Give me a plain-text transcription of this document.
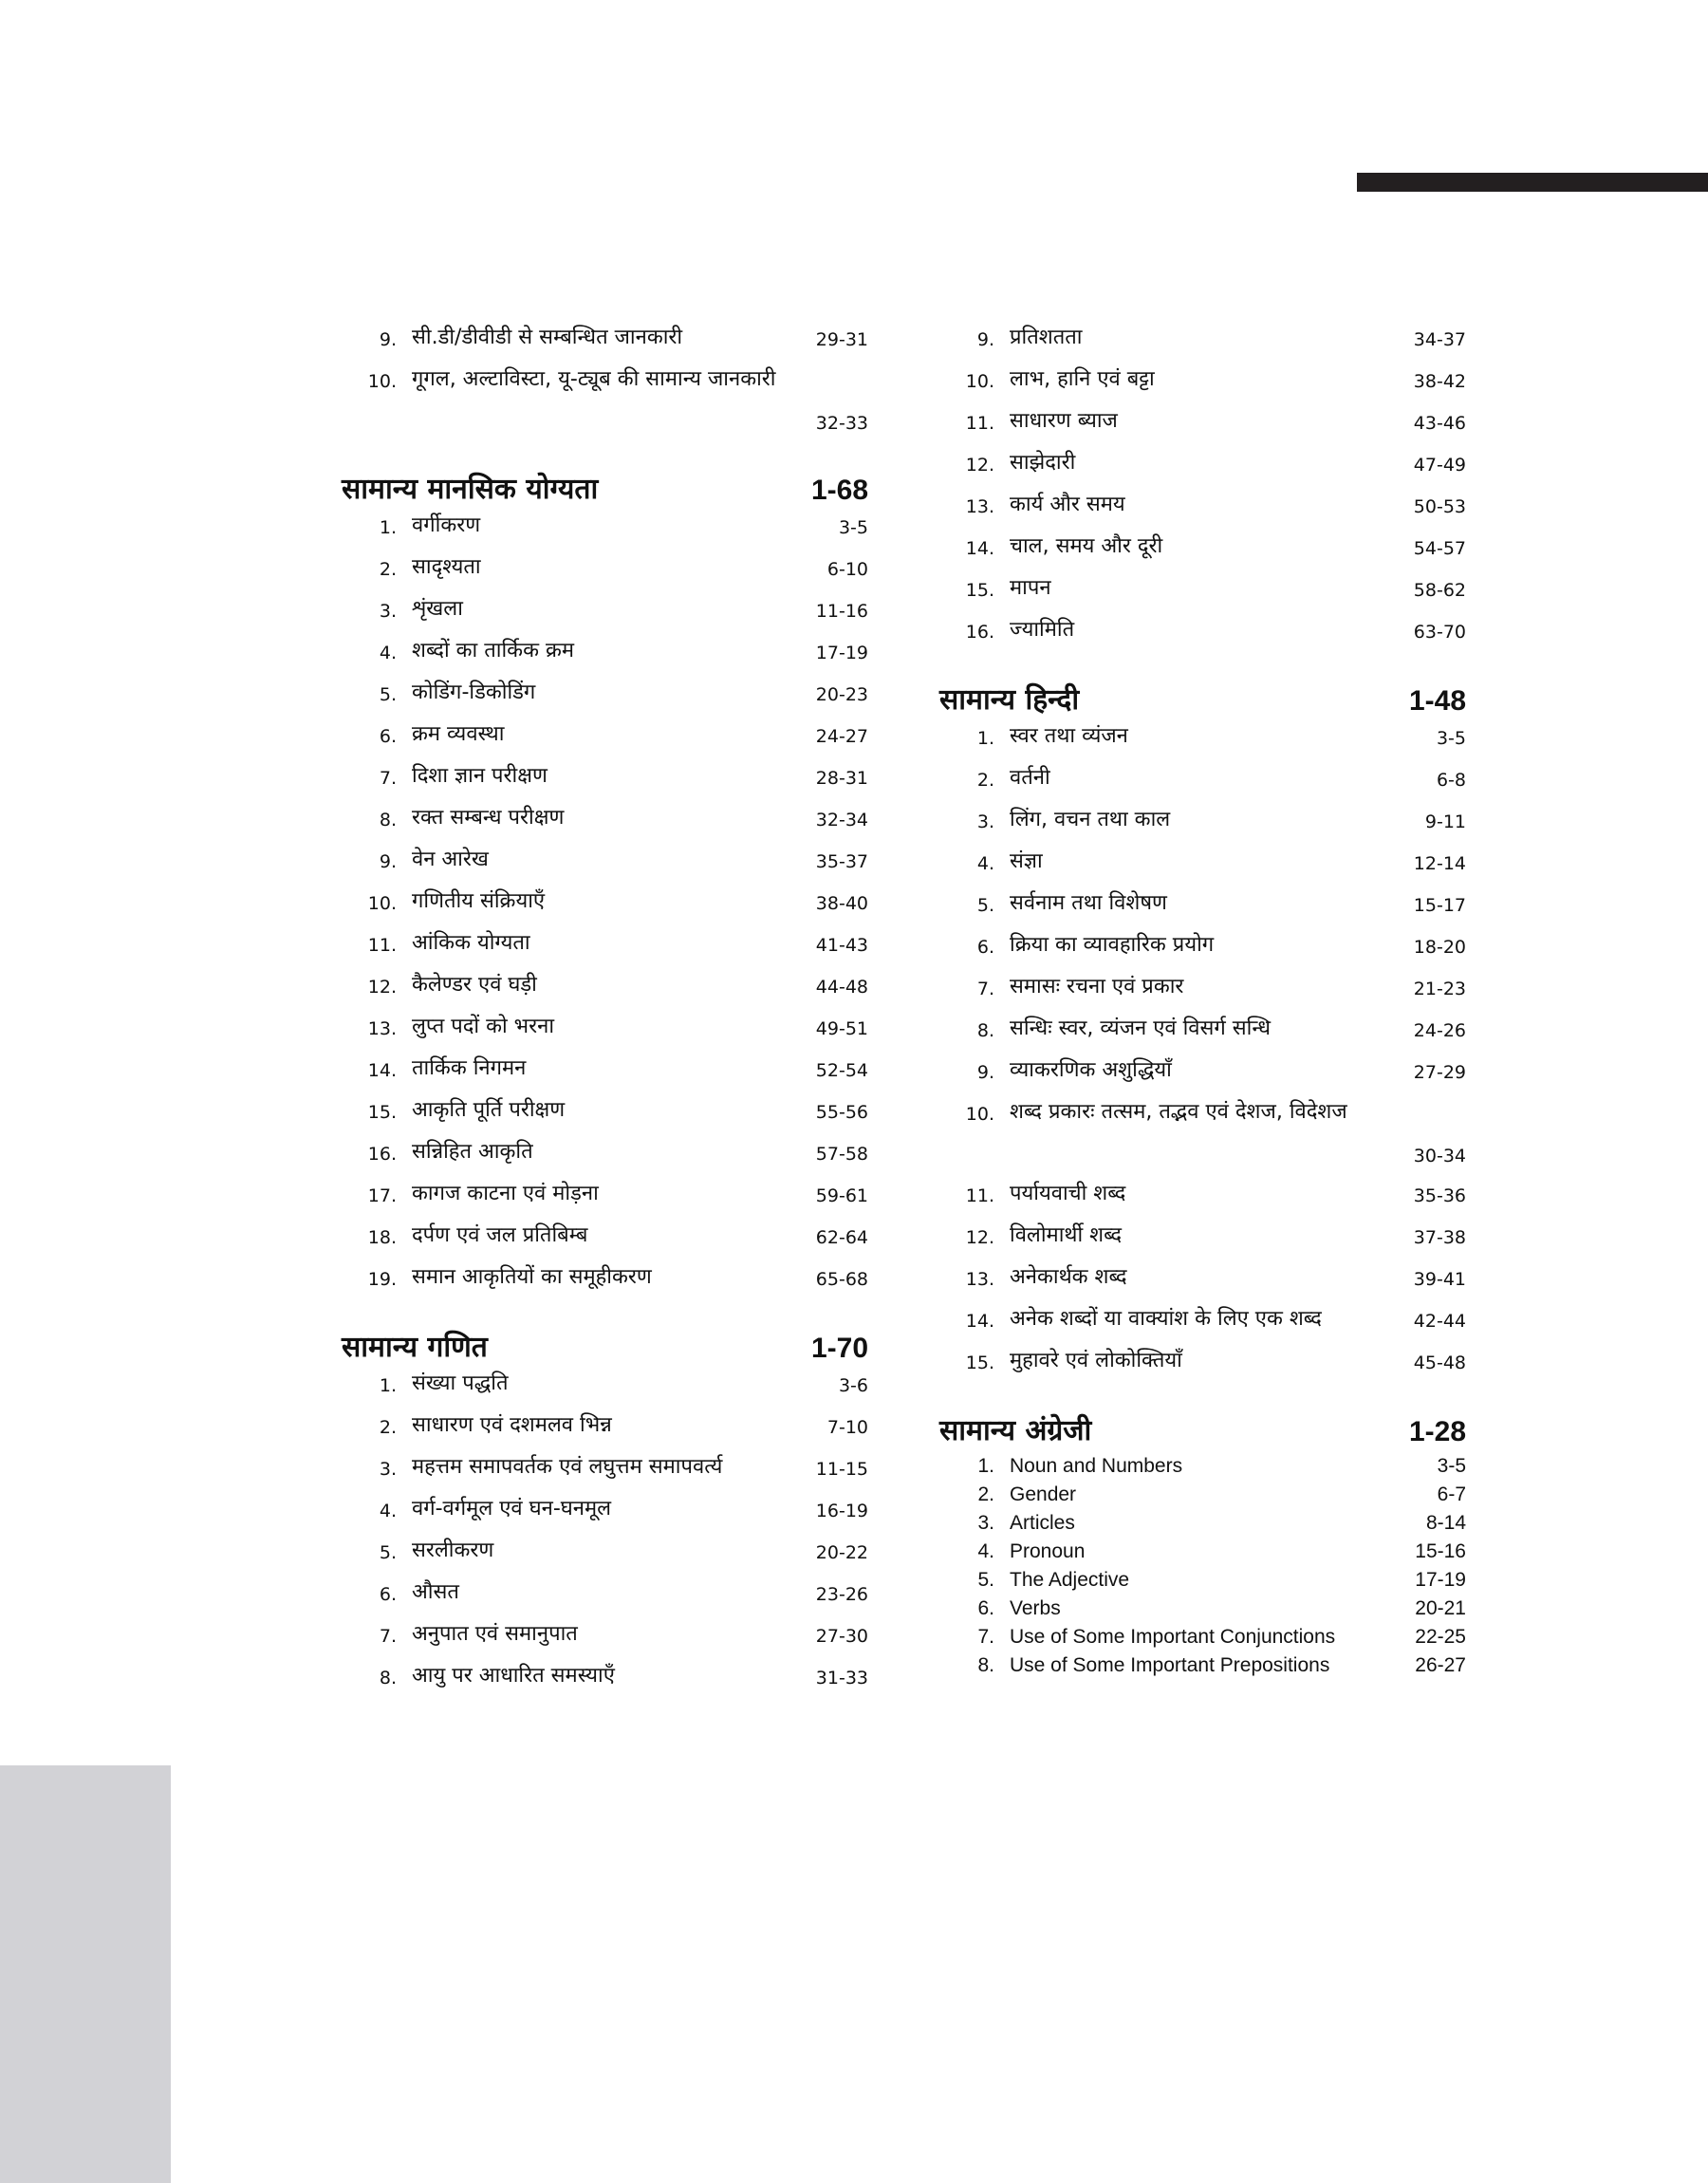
9. सी.डी/डीवीडी से सम्बन्धित जानकारी	29-31
10. गूगल, अल्टाविस्टा, यू-ट्यूब की सामान्य जानकारी
32-33
सामान्य मानसिक योग्यता	1-68
1. वर्गीकरण	3-5
2. सादृश्यता	6-10
3. शृंखला	11-16
4. शब्दों का तार्किक क्रम	17-19
5. कोडिंग-डिकोडिंग	20-23
6. क्रम व्यवस्था	24-27
7. दिशा ज्ञान परीक्षण	28-31
8. रक्त सम्बन्ध परीक्षण	32-34
9. वेन आरेख	35-37
10. गणितीय संक्रियाएँ	38-40
11. आंकिक योग्यता	41-43
12. कैलेण्डर एवं घड़ी	44-48
13. लुप्त पदों को भरना	49-51
14. तार्किक निगमन	52-54
15. आकृति पूर्ति परीक्षण	55-56
16. सन्निहित आकृति	57-58
17. कागज काटना एवं मोड़ना	59-61
18. दर्पण एवं जल प्रतिबिम्ब	62-64
19. समान आकृतियों का समूहीकरण	65-68
सामान्य गणित	1-70
1. संख्या पद्धति	3-6
2. साधारण एवं दशमलव भिन्न	7-10
3. महत्तम समापवर्तक एवं लघुत्तम समापवर्त्य	11-15
4. वर्ग-वर्गमूल एवं घन-घनमूल	16-19
5. सरलीकरण	20-22
6. औसत	23-26
7. अनुपात एवं समानुपात	27-30
8. आयु पर आधारित समस्याएँ	31-33
9. प्रतिशतता	34-37
10. लाभ, हानि एवं बट्टा	38-42
11. साधारण ब्याज	43-46
12. साझेदारी	47-49
13. कार्य और समय	50-53
14. चाल, समय और दूरी	54-57
15. मापन	58-62
16. ज्यामिति	63-70
सामान्य हिन्दी	1-48
1. स्वर तथा व्यंजन	3-5
2. वर्तनी	6-8
3. लिंग, वचन तथा काल	9-11
4. संज्ञा	12-14
5. सर्वनाम तथा विशेषण	15-17
6. क्रिया का व्यावहारिक प्रयोग	18-20
7. समासः रचना एवं प्रकार	21-23
8. सन्धिः स्वर, व्यंजन एवं विसर्ग सन्धि	24-26
9. व्याकरणिक अशुद्धियाँ	27-29
10. शब्द प्रकारः तत्सम, तद्भव एवं देशज, विदेशज
30-34
11. पर्यायवाची शब्द	35-36
12. विलोमार्थी शब्द	37-38
13. अनेकार्थक शब्द	39-41
14. अनेक शब्दों या वाक्यांश के लिए एक शब्द	42-44
15. मुहावरे एवं लोकोक्तियाँ	45-48
सामान्य अंग्रेजी	1-28
1. Noun and Numbers	3-5
2. Gender	6-7
3. Articles	8-14
4. Pronoun	15-16
5. The Adjective	17-19
6. Verbs	20-21
7. Use of Some Important Conjunctions	22-25
8. Use of Some Important Prepositions	26-27
